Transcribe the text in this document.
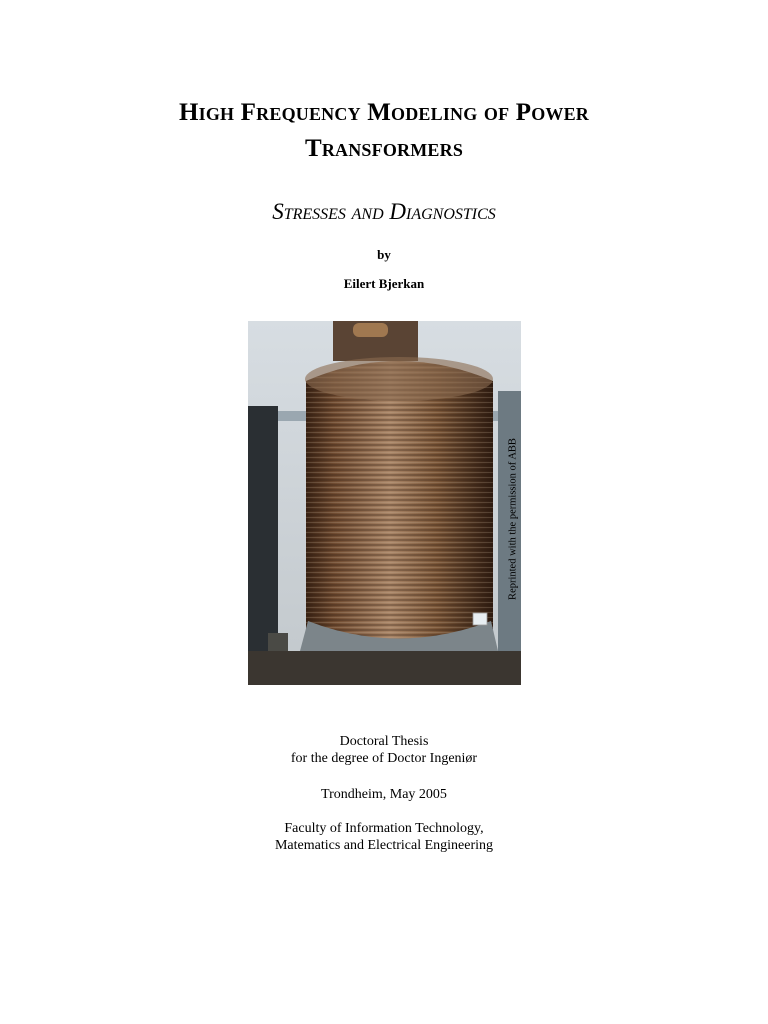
High Frequency Modeling of Power
Transformers
Stresses and Diagnostics
by
Eilert Bjerkan
Reprinted with the permission of ABB
Doctoral Thesis
for the degree of Doctor Ingeniør
Trondheim, May 2005
Faculty of Information Technology,
Matematics and Electrical Engineering
